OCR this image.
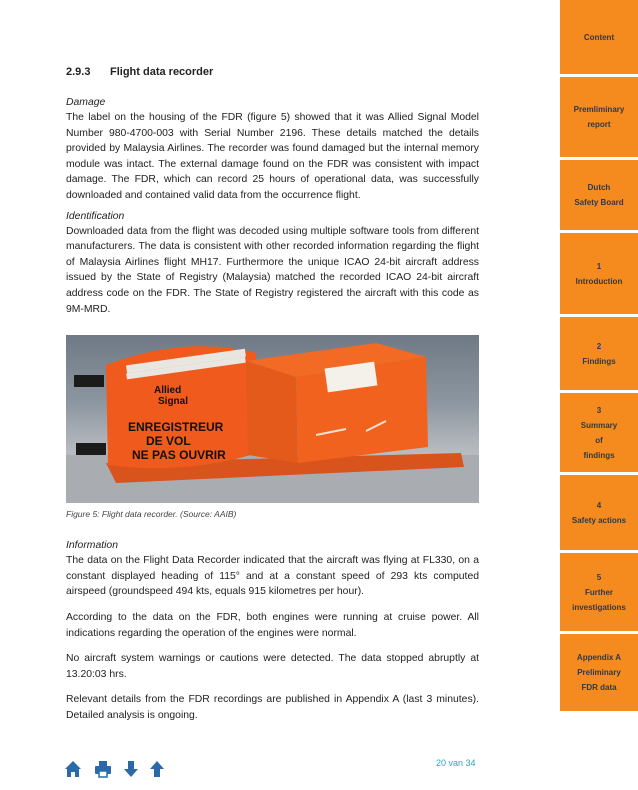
2.9.3 Flight data recorder
Damage

The label on the housing of the FDR (figure 5) showed that it was Allied Signal Model Number 980-4700-003 with Serial Number 2196. These details matched the details provided by Malaysia Airlines. The recorder was found damaged but the internal memory module was intact. The external damage found on the FDR was consistent with impact damage. The FDR, which can record 25 hours of operational data, was successfully downloaded and contained valid data from the occurrence flight.

Identification

Downloaded data from the flight was decoded using multiple software tools from different manufacturers. The data is consistent with other recorded information regarding the flight of Malaysia Airlines flight MH17. Furthermore the unique ICAO 24-bit aircraft address issued by the State of Registry (Malaysia) matched the recorded ICAO 24-bit aircraft address code on the FDR. The State of Registry registered the aircraft with this code as 9M-MRD.

Allied
Signal
ENREGISTREUR
DE VOL
NE PAS OUVRIR
Figure 5: Flight data recorder. (Source: AAIB)
Information

The data on the Flight Data Recorder indicated that the aircraft was flying at FL330, on a constant displayed heading of 115° and at a constant speed of 293 kts computed airspeed (groundspeed 494 kts, equals 915 kilometres per hour).

According to the data on the FDR, both engines were running at cruise power. All indications regarding the operation of the engines were normal.

No aircraft system warnings or cautions were detected. The data stopped abruptly at 13.20:03 hrs.

Relevant details from the FDR recordings are published in Appendix A (last 3 minutes). Detailed analysis is ongoing.

20 van 34
Content
Premliminary
report
Dutch
Safety Board
1
Introduction
2
Findings
3
Summary
of
findings
4
Safety actions
5
Further
investigations
Appendix A
Preliminary
FDR data
